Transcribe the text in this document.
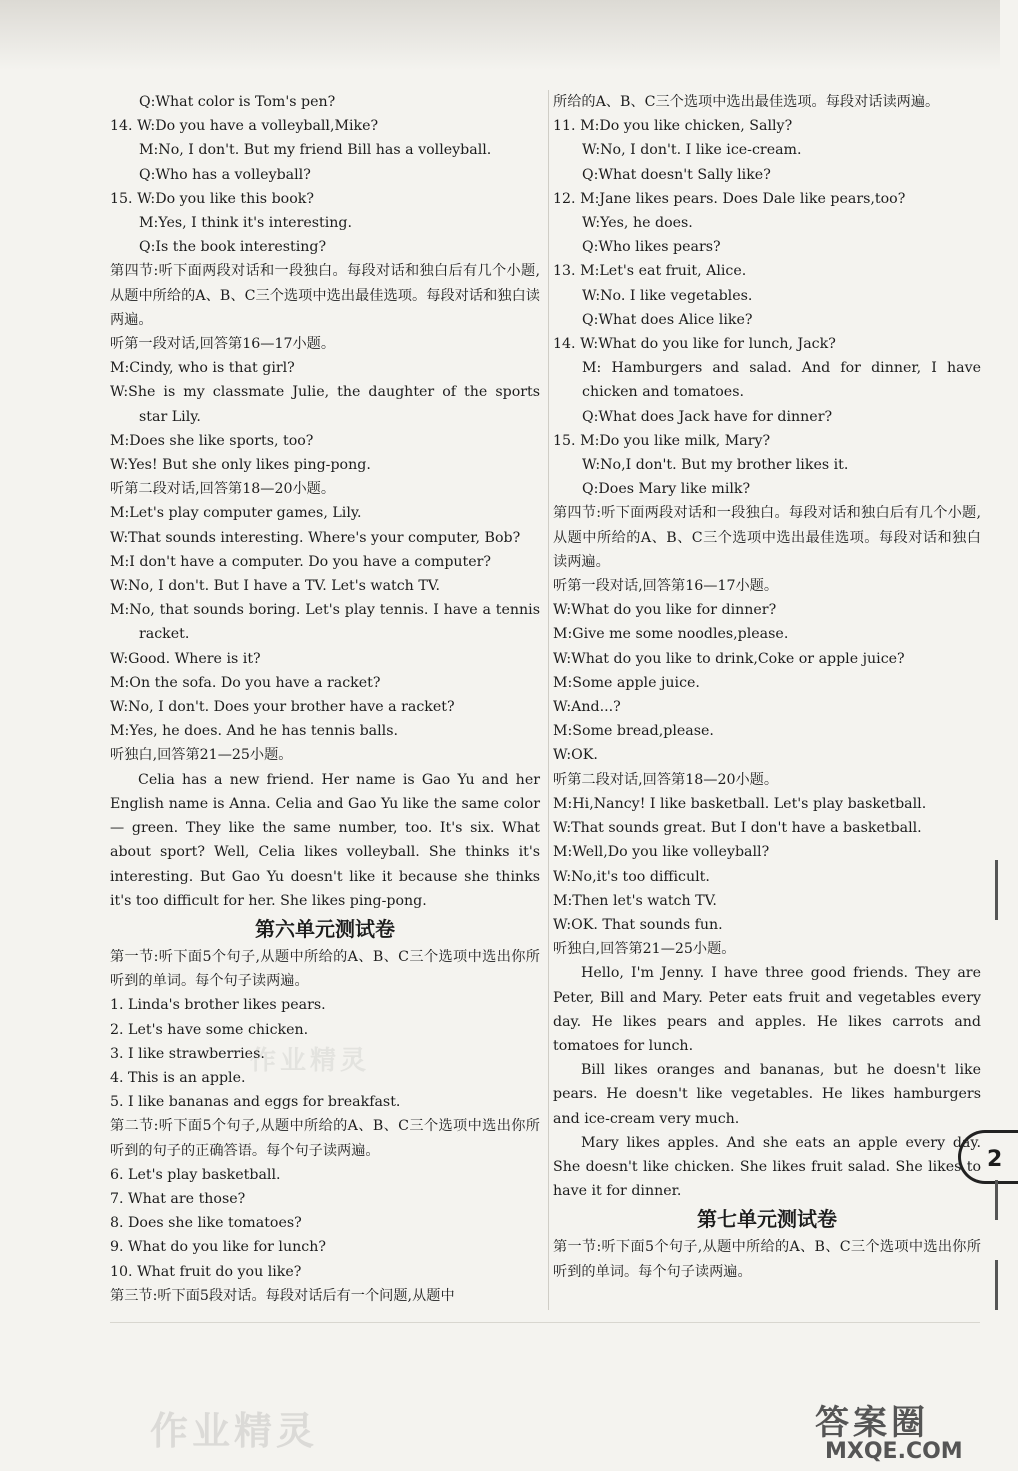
Q:What color is Tom's pen?
14. W:Do you have a volleyball,Mike?
M:No, I don't. But my friend Bill has a volleyball.
Q:Who has a volleyball?
15. W:Do you like this book?
M:Yes, I think it's interesting.
Q:Is the book interesting?
第四节:听下面两段对话和一段独白。每段对话和独白后有几个小题,从题中所给的A、B、C三个选项中选出最佳选项。每段对话和独白读两遍。
听第一段对话,回答第16—17小题。
M:Cindy, who is that girl?
W:She is my classmate Julie, the daughter of the sports star Lily.
M:Does she like sports, too?
W:Yes! But she only likes ping-pong.
听第二段对话,回答第18—20小题。
M:Let's play computer games, Lily.
W:That sounds interesting. Where's your computer, Bob?
M:I don't have a computer. Do you have a computer?
W:No, I don't. But I have a TV. Let's watch TV.
M:No, that sounds boring. Let's play tennis. I have a tennis racket.
W:Good. Where is it?
M:On the sofa. Do you have a racket?
W:No, I don't. Does your brother have a racket?
M:Yes, he does. And he has tennis balls.
听独白,回答第21—25小题。
Celia has a new friend. Her name is Gao Yu and her English name is Anna. Celia and Gao Yu like the same color — green. They like the same number, too. It's six. What about sport? Well, Celia likes volleyball. She thinks it's interesting. But Gao Yu doesn't like it because she thinks it's too difficult for her. She likes ping-pong.
第六单元测试卷
第一节:听下面5个句子,从题中所给的A、B、C三个选项中选出你所听到的单词。每个句子读两遍。
1. Linda's brother likes pears.
2. Let's have some chicken.
3. I like strawberries.
4. This is an apple.
5. I like bananas and eggs for breakfast.
第二节:听下面5个句子,从题中所给的A、B、C三个选项中选出你所听到的句子的正确答语。每个句子读两遍。
6. Let's play basketball.
7. What are those?
8. Does she like tomatoes?
9. What do you like for lunch?
10. What fruit do you like?
第三节:听下面5段对话。每段对话后有一个问题,从题中
所给的A、B、C三个选项中选出最佳选项。每段对话读两遍。
11. M:Do you like chicken, Sally?
W:No, I don't. I like ice-cream.
Q:What doesn't Sally like?
12. M:Jane likes pears. Does Dale like pears,too?
W:Yes, he does.
Q:Who likes pears?
13. M:Let's eat fruit, Alice.
W:No. I like vegetables.
Q:What does Alice like?
14. W:What do you like for lunch, Jack?
M: Hamburgers and salad. And for dinner, I have chicken and tomatoes.
Q:What does Jack have for dinner?
15. M:Do you like milk, Mary?
W:No,I don't. But my brother likes it.
Q:Does Mary like milk?
第四节:听下面两段对话和一段独白。每段对话和独白后有几个小题,从题中所给的A、B、C三个选项中选出最佳选项。每段对话和独白读两遍。
听第一段对话,回答第16—17小题。
W:What do you like for dinner?
M:Give me some noodles,please.
W:What do you like to drink,Coke or apple juice?
M:Some apple juice.
W:And...?
M:Some bread,please.
W:OK.
听第二段对话,回答第18—20小题。
M:Hi,Nancy! I like basketball. Let's play basketball.
W:That sounds great. But I don't have a basketball.
M:Well,Do you like volleyball?
W:No,it's too difficult.
M:Then let's watch TV.
W:OK. That sounds fun.
听独白,回答第21—25小题。
Hello, I'm Jenny. I have three good friends. They are Peter, Bill and Mary. Peter eats fruit and vegetables every day. He likes pears and apples. He likes carrots and tomatoes for lunch.
Bill likes oranges and bananas, but he doesn't like pears. He doesn't like vegetables. He likes hamburgers and ice-cream very much.
Mary likes apples. And she eats an apple every day. She doesn't like chicken. She likes fruit salad. She likes to have it for dinner.
第七单元测试卷
第一节:听下面5个句子,从题中所给的A、B、C三个选项中选出你所听到的单词。每个句子读两遍。
2
作业精灵
作业精灵
答案圈
MXQE.COM
